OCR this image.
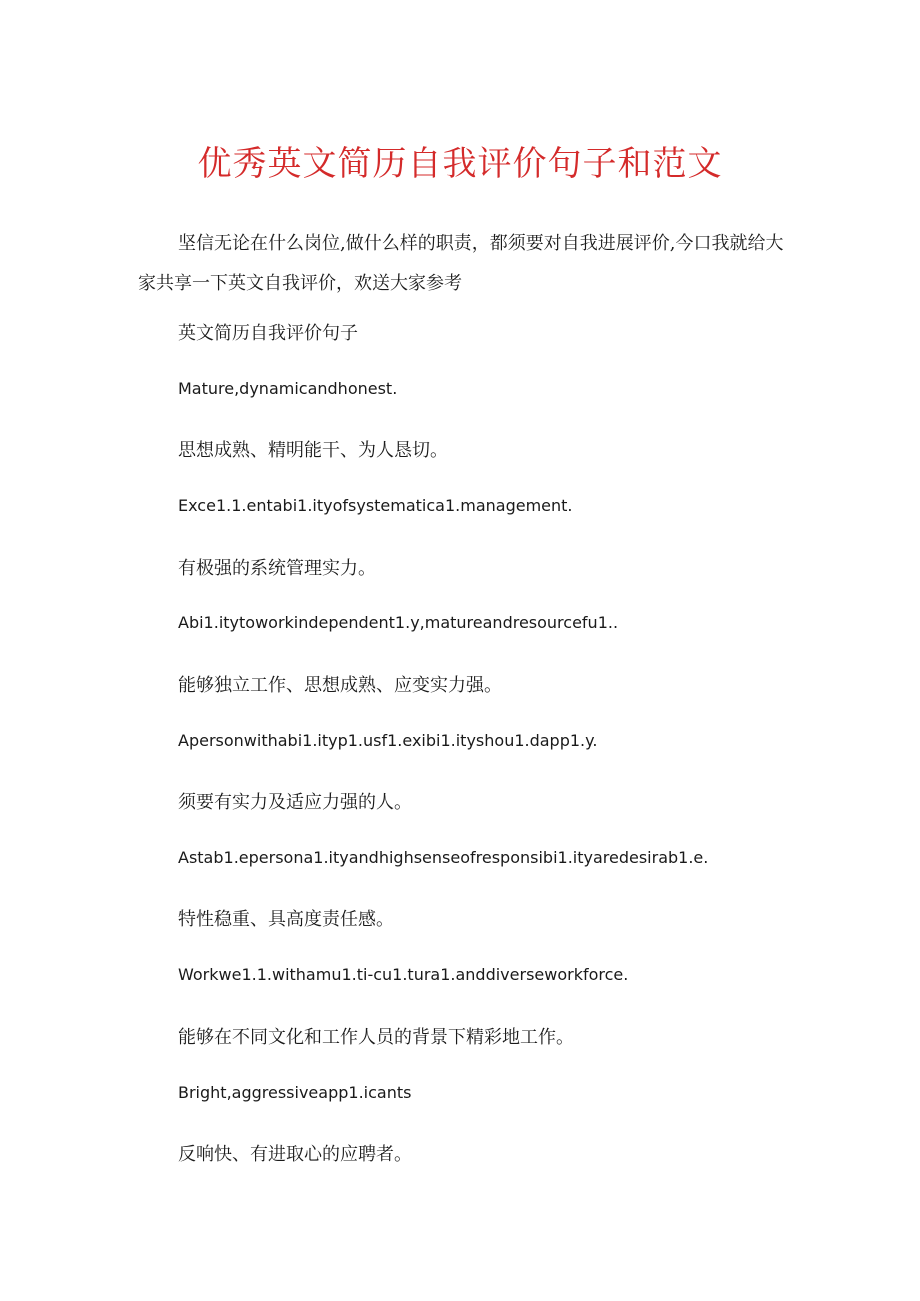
优秀英文简历自我评价句子和范文

坚信无论在什么岗位,做什么样的职责，都须要对自我进展评价,今口我就给大家共享一下英文自我评价，欢送大家参考

英文简历自我评价句子

Mature,dynamicandhonest.

思想成熟、精明能干、为人恳切。

Exce1.1.entabi1.ityofsystematica1.management.

有极强的系统管理实力。

Abi1.itytoworkindependent1.y,matureandresourcefu1..

能够独立工作、思想成熟、应变实力强。

Apersonwithabi1.ityp1.usf1.exibi1.ityshou1.dapp1.y.

须要有实力及适应力强的人。

Astab1.epersona1.ityandhighsenseofresponsibi1.ityaredesirab1.e.

特性稳重、具高度责任感。

Workwe1.1.withamu1.ti-cu1.tura1.anddiverseworkforce.

能够在不同文化和工作人员的背景下精彩地工作。

Bright,aggressiveapp1.icants

反响快、有进取心的应聘者。
